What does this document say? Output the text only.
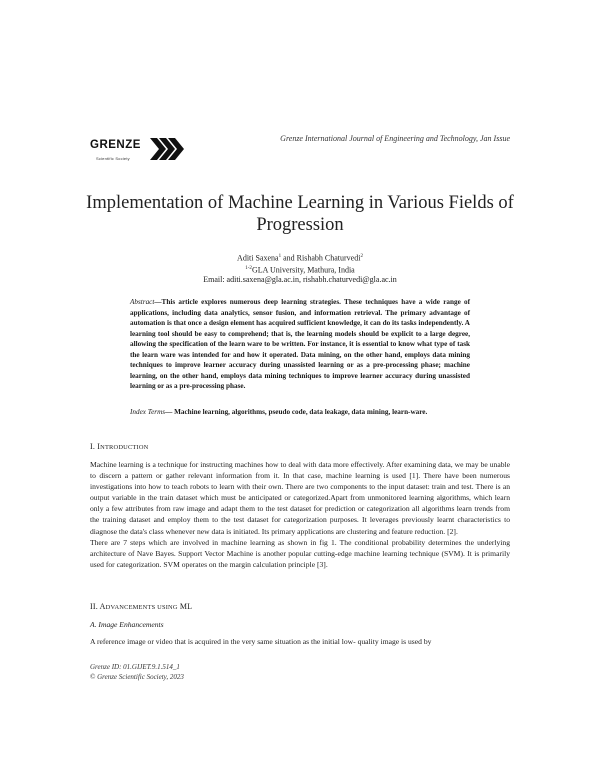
GRENZE
Scientific Society
Grenze International Journal of Engineering and Technology, Jan Issue
Implementation of Machine Learning in Various Fields of Progression
Aditi Saxena$^1$ and Rishabh Chaturvedi$^2$
$^{1-2}$GLA University, Mathura, India
Email: aditi.saxena@gla.ac.in, rishabh.chaturvedi@gla.ac.in
Abstract—This article explores numerous deep learning strategies. These techniques have a wide range of applications, including data analytics, sensor fusion, and information retrieval. The primary advantage of automation is that once a design element has acquired sufficient knowledge, it can do its tasks independently. A learning tool should be easy to comprehend; that is, the learning models should be explicit to a large degree, allowing the specification of the learn ware to be written. For instance, it is essential to know what type of task the learn ware was intended for and how it operated. Data mining, on the other hand, employs data mining techniques to improve learner accuracy during unassisted learning or as a pre-processing phase; machine learning, on the other hand, employs data mining techniques to improve learner accuracy during unassisted learning or as a pre-processing phase.
Index Terms— Machine learning, algorithms, pseudo code, data leakage, data mining, learn-ware.
I. INTRODUCTION

Machine learning is a technique for instructing machines how to deal with data more effectively. After examining data, we may be unable to discern a pattern or gather relevant information from it. In that case, machine learning is used [1]. There have been numerous investigations into how to teach robots to learn with their own. There are two components to the input dataset: train and test. There is an output variable in the train dataset which must be anticipated or categorized.Apart from unmonitored learning algorithms, which learn only a few attributes from raw image and adapt them to the test dataset for prediction or categorization all algorithms learn trends from the training dataset and employ them to the test dataset for categorization purposes. It leverages previously learnt characteristics to diagnose the data's class whenever new data is initiated. Its primary applications are clustering and feature reduction. [2].

There are 7 steps which are involved in machine learning as shown in fig 1. The conditional probability determines the underlying architecture of Nave Bayes. Support Vector Machine is another popular cutting-edge machine learning technique (SVM). It is primarily used for categorization. SVM operates on the margin calculation principle [3].

II. ADVANCEMENTS USING ML
A. Image Enhancements
A reference image or video that is acquired in the very same situation as the initial low- quality image is used by
Grenze ID: 01.GIJET.9.1.514_1
© Grenze Scientific Society, 2023
